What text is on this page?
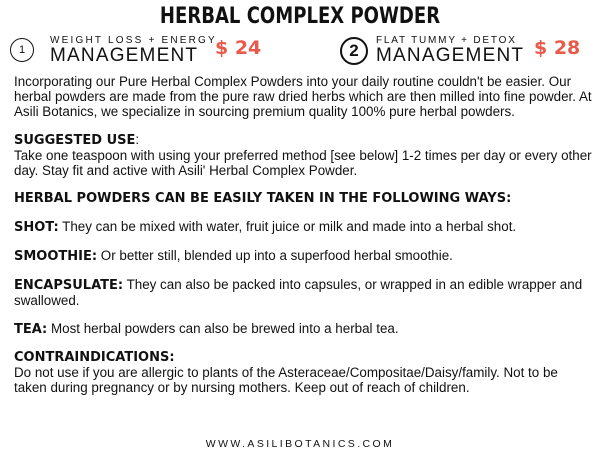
HERBAL COMPLEX POWDER
1
WEIGHT LOSS + ENERGY
MANAGEMENT $ 24	2
FLAT TUMMY + DETOX
MANAGEMENT $ 28

Incorporating our Pure Herbal Complex Powders into your daily routine couldn't be easier. Our herbal powders are made from the pure raw dried herbs which are then milled into fine powder. At Asili Botanics, we specialize in sourcing premium quality 100% pure herbal powders.

SUGGESTED USE:

Take one teaspoon with using your preferred method [see below] 1-2 times per day or every other day. Stay fit and active with Asili' Herbal Complex Powder.

HERBAL POWDERS CAN BE EASILY TAKEN IN THE FOLLOWING WAYS:

SHOT: They can be mixed with water, fruit juice or milk and made into a herbal shot.

SMOOTHIE: Or better still, blended up into a superfood herbal smoothie.

ENCAPSULATE: They can also be packed into capsules, or wrapped in an edible wrapper and swallowed.

TEA: Most herbal powders can also be brewed into a herbal tea.

CONTRAINDICATIONS:

Do not use if you are allergic to plants of the Asteraceae/Compositae/Daisy/family. Not to be taken during pregnancy or by nursing mothers. Keep out of reach of children.

WWW.ASILIBOTANICS.COM
